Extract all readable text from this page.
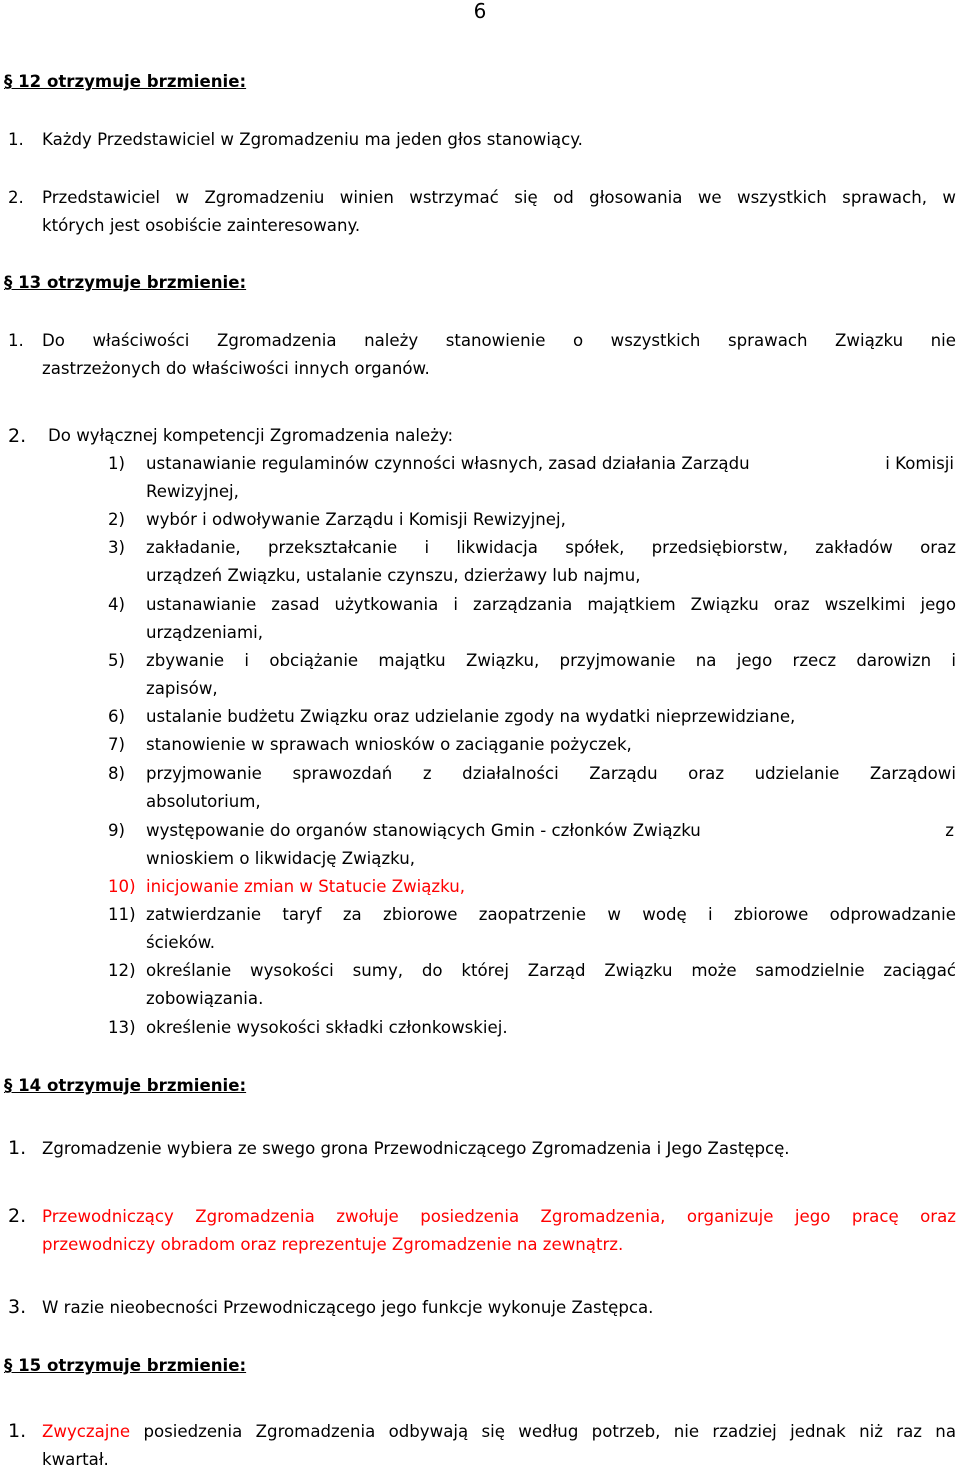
6
§ 12 otrzymuje brzmienie:
1. Każdy Przedstawiciel w Zgromadzeniu ma jeden głos stanowiący.
2. Przedstawiciel w Zgromadzeniu winien wstrzymać się od głosowania we wszystkich sprawach, w
których jest osobiście zainteresowany.
§ 13 otrzymuje brzmienie:
1. Do właściwości Zgromadzenia należy stanowienie o wszystkich sprawach Związku nie
zastrzeżonych do właściwości innych organów.
2. Do wyłącznej kompetencji Zgromadzenia należy:
1) ustanawianie regulaminów czynności własnych, zasad działania Zarządu	i Komisji
Rewizyjnej,
2) wybór i odwoływanie Zarządu i Komisji Rewizyjnej,
3) zakładanie, przekształcanie i likwidacja spółek, przedsiębiorstw, zakładów oraz
urządzeń Związku, ustalanie czynszu, dzierżawy lub najmu,
4) ustanawianie zasad użytkowania i zarządzania majątkiem Związku oraz wszelkimi jego
urządzeniami,
5) zbywanie i obciążanie majątku Związku, przyjmowanie na jego rzecz darowizn i
zapisów,
6) ustalanie budżetu Związku oraz udzielanie zgody na wydatki nieprzewidziane,
7) stanowienie w sprawach wniosków o zaciąganie pożyczek,
8) przyjmowanie sprawozdań z działalności Zarządu oraz udzielanie Zarządowi
absolutorium,
9) występowanie do organów stanowiących Gmin - członków Związku	z
wnioskiem o likwidację Związku,
10) inicjowanie zmian w Statucie Związku,
11) zatwierdzanie taryf za zbiorowe zaopatrzenie w wodę i zbiorowe odprowadzanie
ścieków.
12) określanie wysokości sumy, do której Zarząd Związku może samodzielnie zaciągać
zobowiązania.
13) określenie wysokości składki członkowskiej.
§ 14 otrzymuje brzmienie:
1. Zgromadzenie wybiera ze swego grona Przewodniczącego Zgromadzenia i Jego Zastępcę.
2. Przewodniczący Zgromadzenia zwołuje posiedzenia Zgromadzenia, organizuje jego pracę oraz
przewodniczy obradom oraz reprezentuje Zgromadzenie na zewnątrz.
3. W razie nieobecności Przewodniczącego jego funkcje wykonuje Zastępca.
§ 15 otrzymuje brzmienie:
1. Zwyczajne posiedzenia Zgromadzenia odbywają się według potrzeb, nie rzadziej jednak niż raz na
kwartał.
